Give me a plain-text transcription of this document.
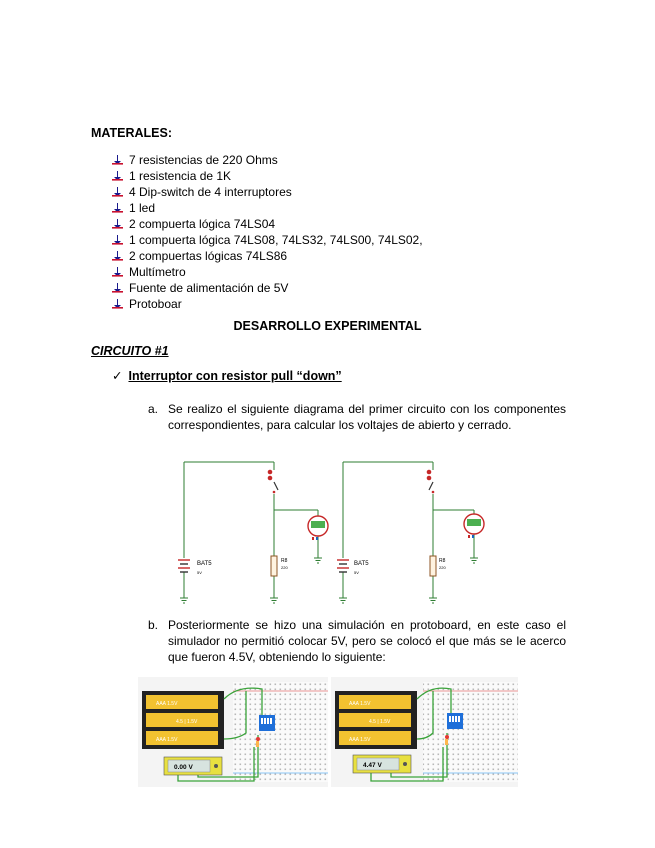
MATERALES:
7 resistencias de 220 Ohms
1 resistencia de 1K
4 Dip-switch de 4 interruptores
1 led
2 compuerta lógica 74LS04
1 compuerta lógica 74LS08, 74LS32, 74LS00, 74LS02,
2 compuertas lógicas 74LS86
Multímetro
Fuente de alimentación de 5V
Protoboar
DESARROLLO EXPERIMENTAL
CIRCUITO #1
✓ Interruptor con resistor pull “down”
a. Se realizo el siguiente diagrama del primer circuito con los componentes correspondientes, para calcular los voltajes de abierto y cerrado.
BAT5
5V
R8
220
BAT5
5V
R8
220
b. Posteriormente se hizo una simulación en protoboard, en este caso el simulador no permitió colocar 5V, pero se colocó el que más se le acerco que fueron 4.5V, obteniendo lo siguiente:
AAA 1.5V
4.5 | 1.5V
AAA 1.5V
0.00 V
AAA 1.5V
4.5 | 1.5V
AAA 1.5V
4.47 V
